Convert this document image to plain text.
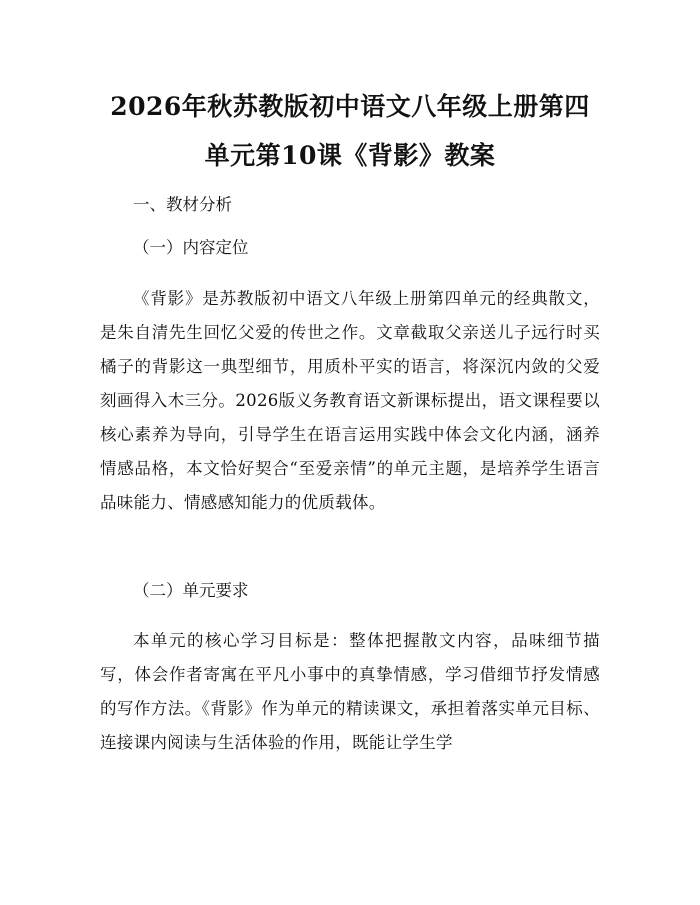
2026年秋苏教版初中语文八年级上册第四单元第10课《背影》教案

一、教材分析

（一）内容定位

《背影》是苏教版初中语文八年级上册第四单元的经典散文，是朱自清先生回忆父爱的传世之作。文章截取父亲送儿子远行时买橘子的背影这一典型细节，用质朴平实的语言，将深沉内敛的父爱刻画得入木三分。2026版义务教育语文新课标提出，语文课程要以核心素养为导向，引导学生在语言运用实践中体会文化内涵，涵养情感品格，本文恰好契合“至爱亲情”的单元主题，是培养学生语言品味能力、情感感知能力的优质载体。

（二）单元要求

本单元的核心学习目标是：整体把握散文内容，品味细节描写，体会作者寄寓在平凡小事中的真挚情感，学习借细节抒发情感的写作方法。《背影》作为单元的精读课文，承担着落实单元目标、连接课内阅读与生活体验的作用，既能让学生学
